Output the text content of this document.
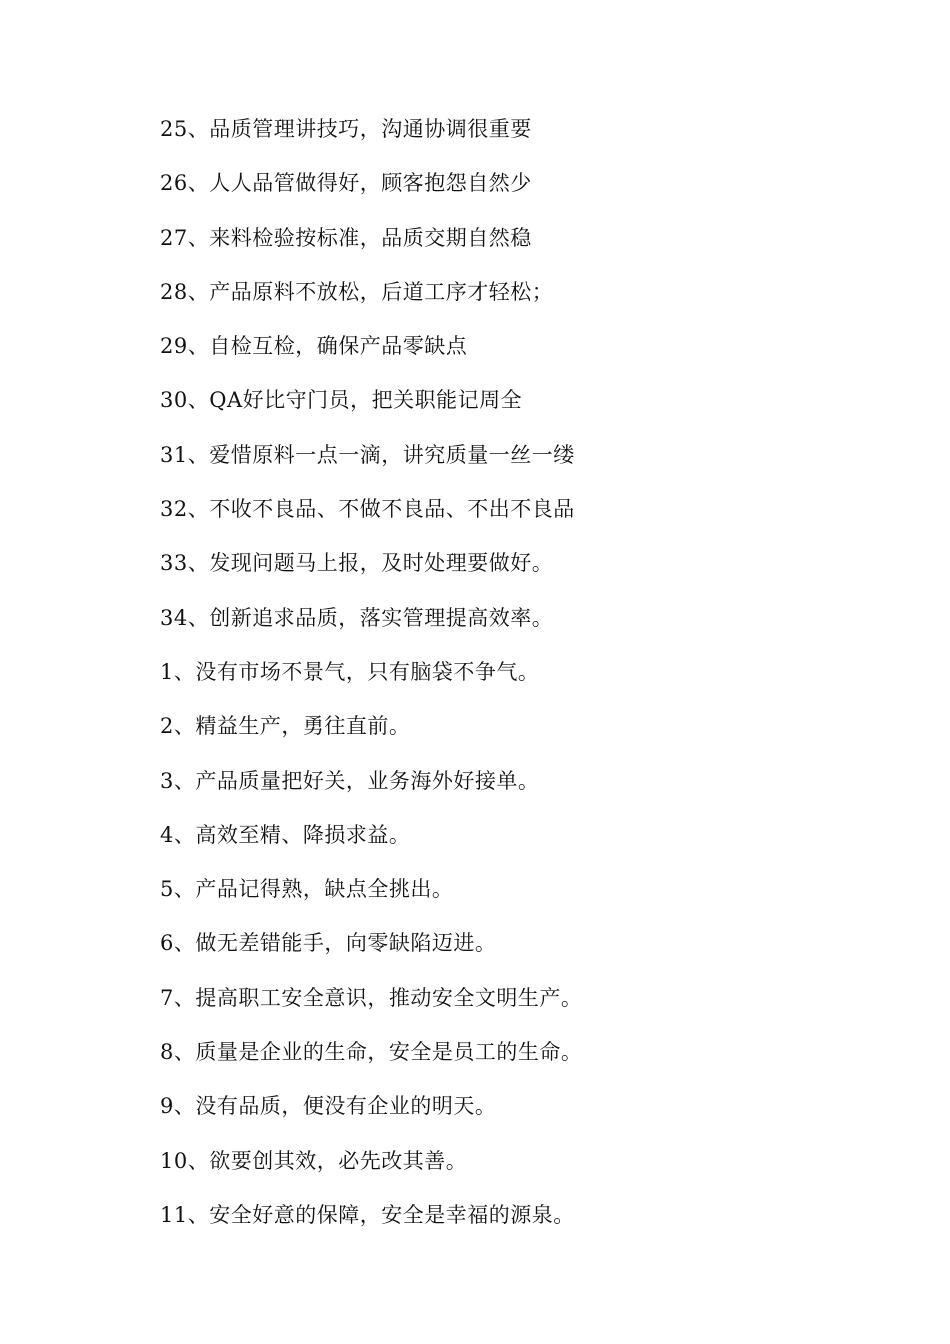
25、品质管理讲技巧，沟通协调很重要
26、人人品管做得好，顾客抱怨自然少
27、来料检验按标准，品质交期自然稳
28、产品原料不放松，后道工序才轻松；
29、自检互检，确保产品零缺点
30、QA好比守门员，把关职能记周全
31、爱惜原料一点一滴，讲究质量一丝一缕
32、不收不良品、不做不良品、不出不良品
33、发现问题马上报，及时处理要做好。
34、创新追求品质，落实管理提高效率。
1、没有市场不景气，只有脑袋不争气。
2、精益生产，勇往直前。
3、产品质量把好关，业务海外好接单。
4、高效至精、降损求益。
5、产品记得熟，缺点全挑出。
6、做无差错能手，向零缺陷迈进。
7、提高职工安全意识，推动安全文明生产。
8、质量是企业的生命，安全是员工的生命。
9、没有品质，便没有企业的明天。
10、欲要创其效，必先改其善。
11、安全好意的保障，安全是幸福的源泉。
